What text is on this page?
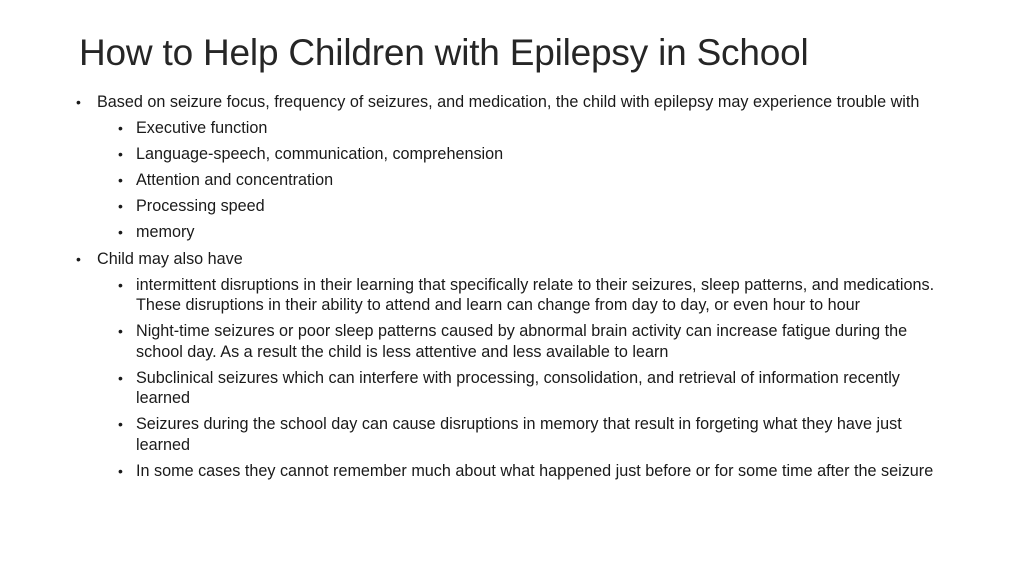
How to Help Children with Epilepsy in School
• Based on seizure focus, frequency of seizures, and medication, the child with epilepsy may experience trouble with
• Executive function
• Language-speech, communication, comprehension
• Attention and concentration
• Processing speed
• memory
• Child may also have
• intermittent disruptions in their learning that specifically relate to their seizures, sleep patterns, and medications. These disruptions in their ability to attend and learn can change from day to day, or even hour to hour
• Night-time seizures or poor sleep patterns caused by abnormal brain activity can increase fatigue during the school day. As a result the child is less attentive and less available to learn
• Subclinical seizures which can interfere with processing, consolidation, and retrieval of information recently learned
• Seizures during the school day can cause disruptions in memory that result in forgeting what they have just learned
• In some cases they cannot remember much about what happened just before or for some time after the seizure
